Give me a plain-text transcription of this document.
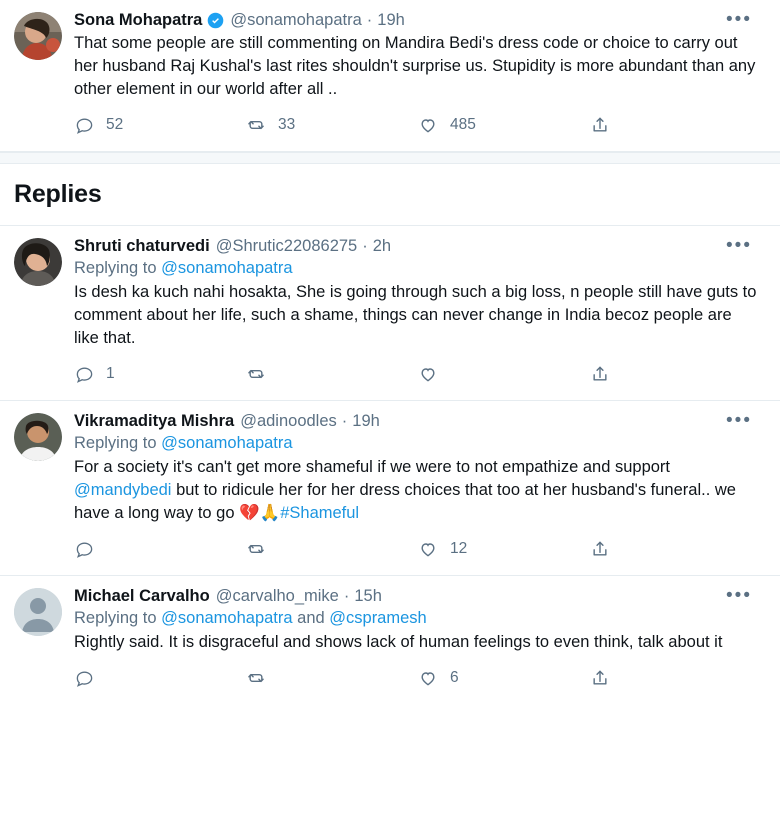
Sona Mohapatra @sonamohapatra · 19h	•••
That some people are still commenting on Mandira Bedi's dress code or choice to carry out her husband Raj Kushal's last rites shouldn't surprise us. Stupidity is more abundant than any other element in our world after all ..
52	33	485
Replies
Shruti chaturvedi @Shrutic22086275 · 2h	•••
Replying to @sonamohapatra
Is desh ka kuch nahi hosakta, She is going through such a big loss, n people still have guts to comment about her life, such a shame, things can never change in India becoz people are like that.
1
Vikramaditya Mishra @adinoodles · 19h	•••
Replying to @sonamohapatra
For a society it's can't get more shameful if we were to not empathize and support @mandybedi but to ridicule her for her dress choices that too at her husband's funeral.. we have a long way to go 💔🙏#Shameful
12
Michael Carvalho @carvalho_mike · 15h	•••
Replying to @sonamohapatra and @cspramesh
Rightly said. It is disgraceful and shows lack of human feelings to even think, talk about it
6
